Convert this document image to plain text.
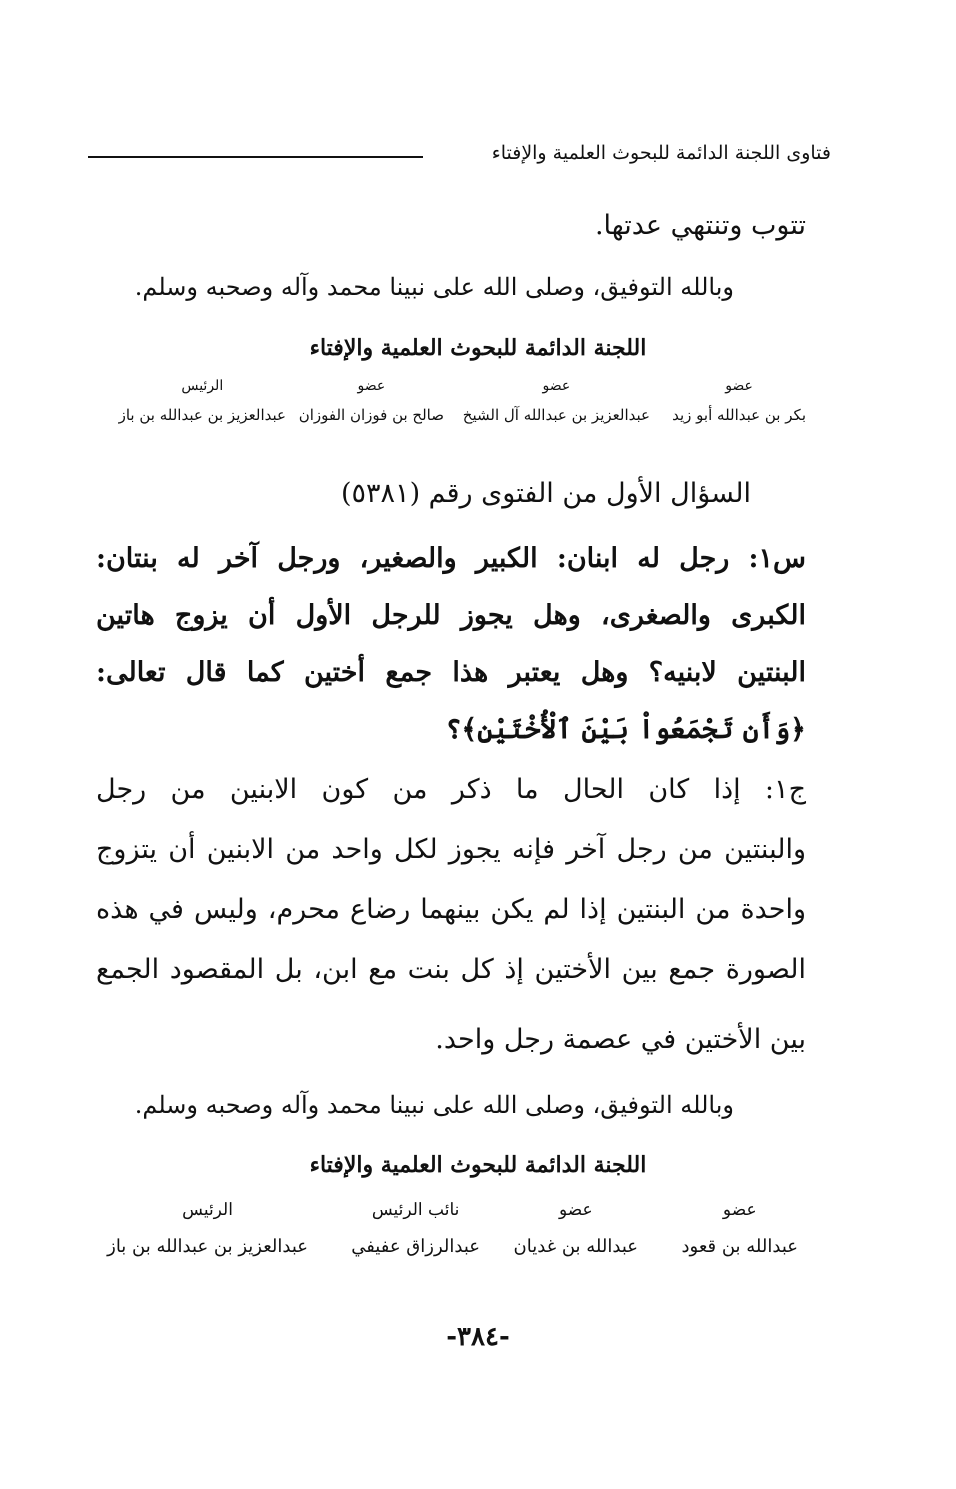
فتاوى اللجنة الدائمة للبحوث العلمية والإفتاء
تتوب وتنتهي عدتها.
وبالله التوفيق، وصلى الله على نبينا محمد وآله وصحبه وسلم.
اللجنة الدائمة للبحوث العلمية والإفتاء
عضو
بكر بن عبدالله أبو زيد
عضو
عبدالعزيز بن عبدالله آل الشيخ
عضو
صالح بن فوزان الفوزان
الرئيس
عبدالعزيز بن عبدالله بن باز
السؤال الأول من الفتوى رقم (٥٣٨١)
س١: رجل له ابنان: الكبير والصغير، ورجل آخر له بنتان:
الكبرى والصغرى، وهل يجوز للرجل الأول أن يزوج هاتين
البنتين لابنيه؟ وهل يعتبر هذا جمع أختين كما قال تعالى:
﴿وَأَن تَجْمَعُواْ بَيْنَ ٱلْأُخْتَيْنِ﴾؟
ج١: إذا كان الحال ما ذكر من كون الابنين من رجل
والبنتين من رجل آخر فإنه يجوز لكل واحد من الابنين أن يتزوج
واحدة من البنتين إذا لم يكن بينهما رضاع محرم، وليس في هذه
الصورة جمع بين الأختين إذ كل بنت مع ابن، بل المقصود الجمع
بين الأختين في عصمة رجل واحد.
وبالله التوفيق، وصلى الله على نبينا محمد وآله وصحبه وسلم.
اللجنة الدائمة للبحوث العلمية والإفتاء
عضو
عبدالله بن قعود
عضو
عبدالله بن غديان
نائب الرئيس
عبدالرزاق عفيفي
الرئيس
عبدالعزيز بن عبدالله بن باز
-٣٨٤-
